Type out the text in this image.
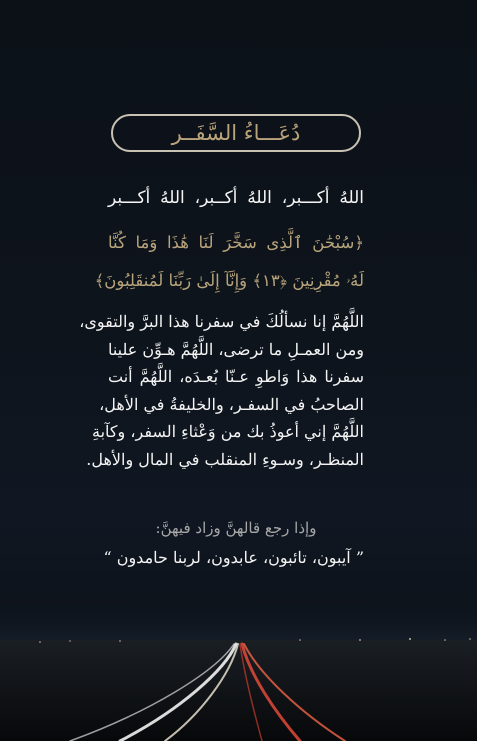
دُعَـــاءُ السَّفَــر
اللهُ أكـــبر، اللهُ أكــبر، اللهُ أكـــبر
﴿سُبْحَٰنَ ٱلَّذِى سَخَّرَ لَنَا هَٰذَا وَمَا كُنَّا
لَهُۥ مُقْرِنِينَ ﴿١٣﴾ وَإِنَّآ إِلَىٰ رَبِّنَا لَمُنقَلِبُونَ﴾
اللَّهُمَّ إنا نسألُكَ في سفرنا هذا البرَّ والتقوى،
ومن العمـلِ ما ترضى، اللَّهُمَّ هـوِّن علينا
سفرنا هذا وَاطوِ عـنّا بُعـدَه، اللَّهُمَّ أنت
الصاحبُ في السفـر، والخليفةُ في الأهل،
اللَّهُمَّ إني أعوذُ بك من وَعْثاءِ السفر، وكآبةِ
المنظـر، وسـوءِ المنقلب في المال والأهل.
وإذا رجع قالهنَّ وزاد فيهنَّ:
” آيبون، تائبون، عابدون، لربنا حامدون “
